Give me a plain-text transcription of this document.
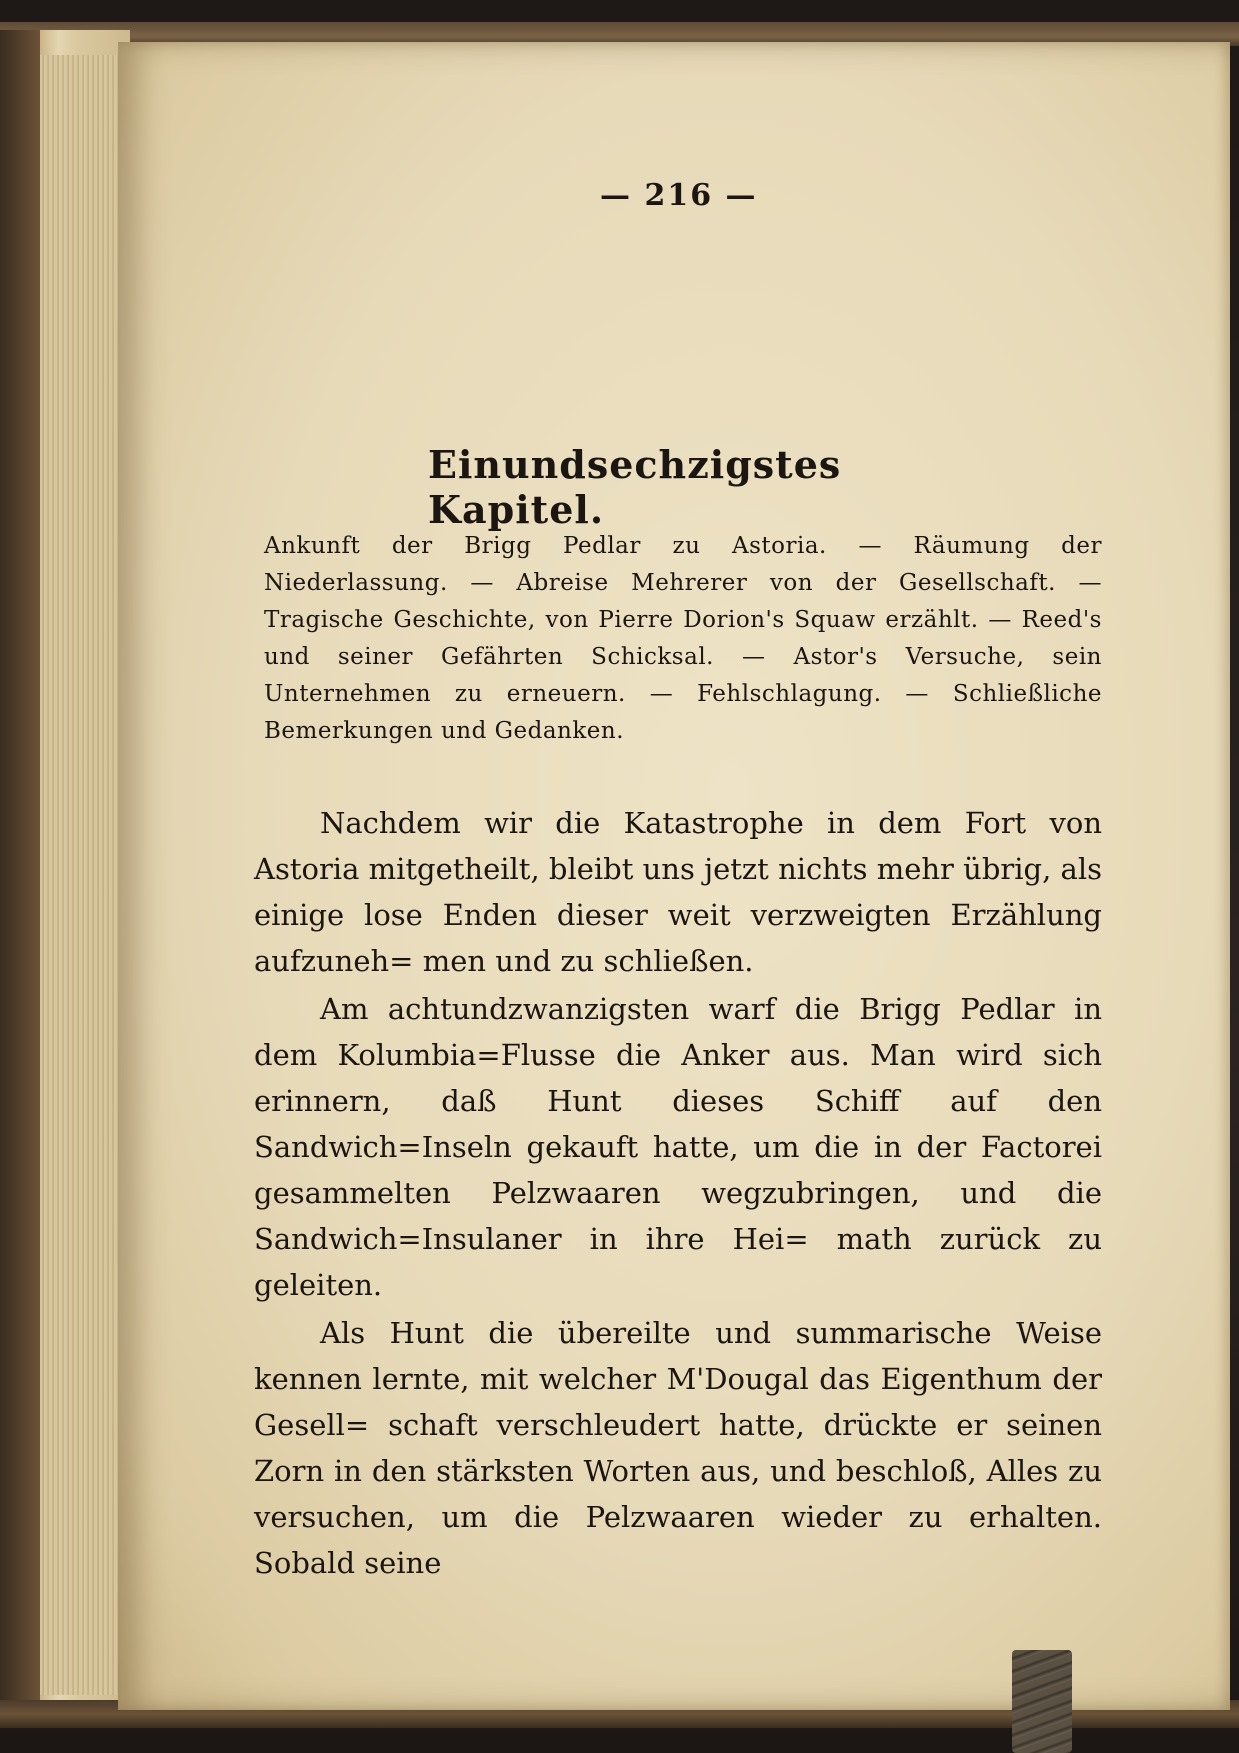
— 216 —
Einundsechzigstes Kapitel.
Ankunft der Brigg Pedlar zu Astoria. — Räumung der Niederlassung. — Abreise Mehrerer von der Gesellschaft. — Tragische Geschichte, von Pierre Dorion's Squaw erzählt. — Reed's und seiner Gefährten Schicksal. — Astor's Versuche, sein Unternehmen zu erneuern. — Fehlschlagung. — Schließliche Bemerkungen und Gedanken.

Nachdem wir die Katastrophe in dem Fort von Astoria mitgetheilt, bleibt uns jetzt nichts mehr übrig, als einige lose Enden dieser weit verzweigten Erzählung aufzuneh= men und zu schließen.

Am achtundzwanzigsten warf die Brigg Pedlar in dem Kolumbia=Flusse die Anker aus. Man wird sich erinnern, daß Hunt dieses Schiff auf den Sandwich=Inseln gekauft hatte, um die in der Factorei gesammelten Pelzwaaren wegzubringen, und die Sandwich=Insulaner in ihre Hei= math zurück zu geleiten.

Als Hunt die übereilte und summarische Weise kennen lernte, mit welcher M'Dougal das Eigenthum der Gesell= schaft verschleudert hatte, drückte er seinen Zorn in den stärksten Worten aus, und beschloß, Alles zu versuchen, um die Pelzwaaren wieder zu erhalten. Sobald seine
